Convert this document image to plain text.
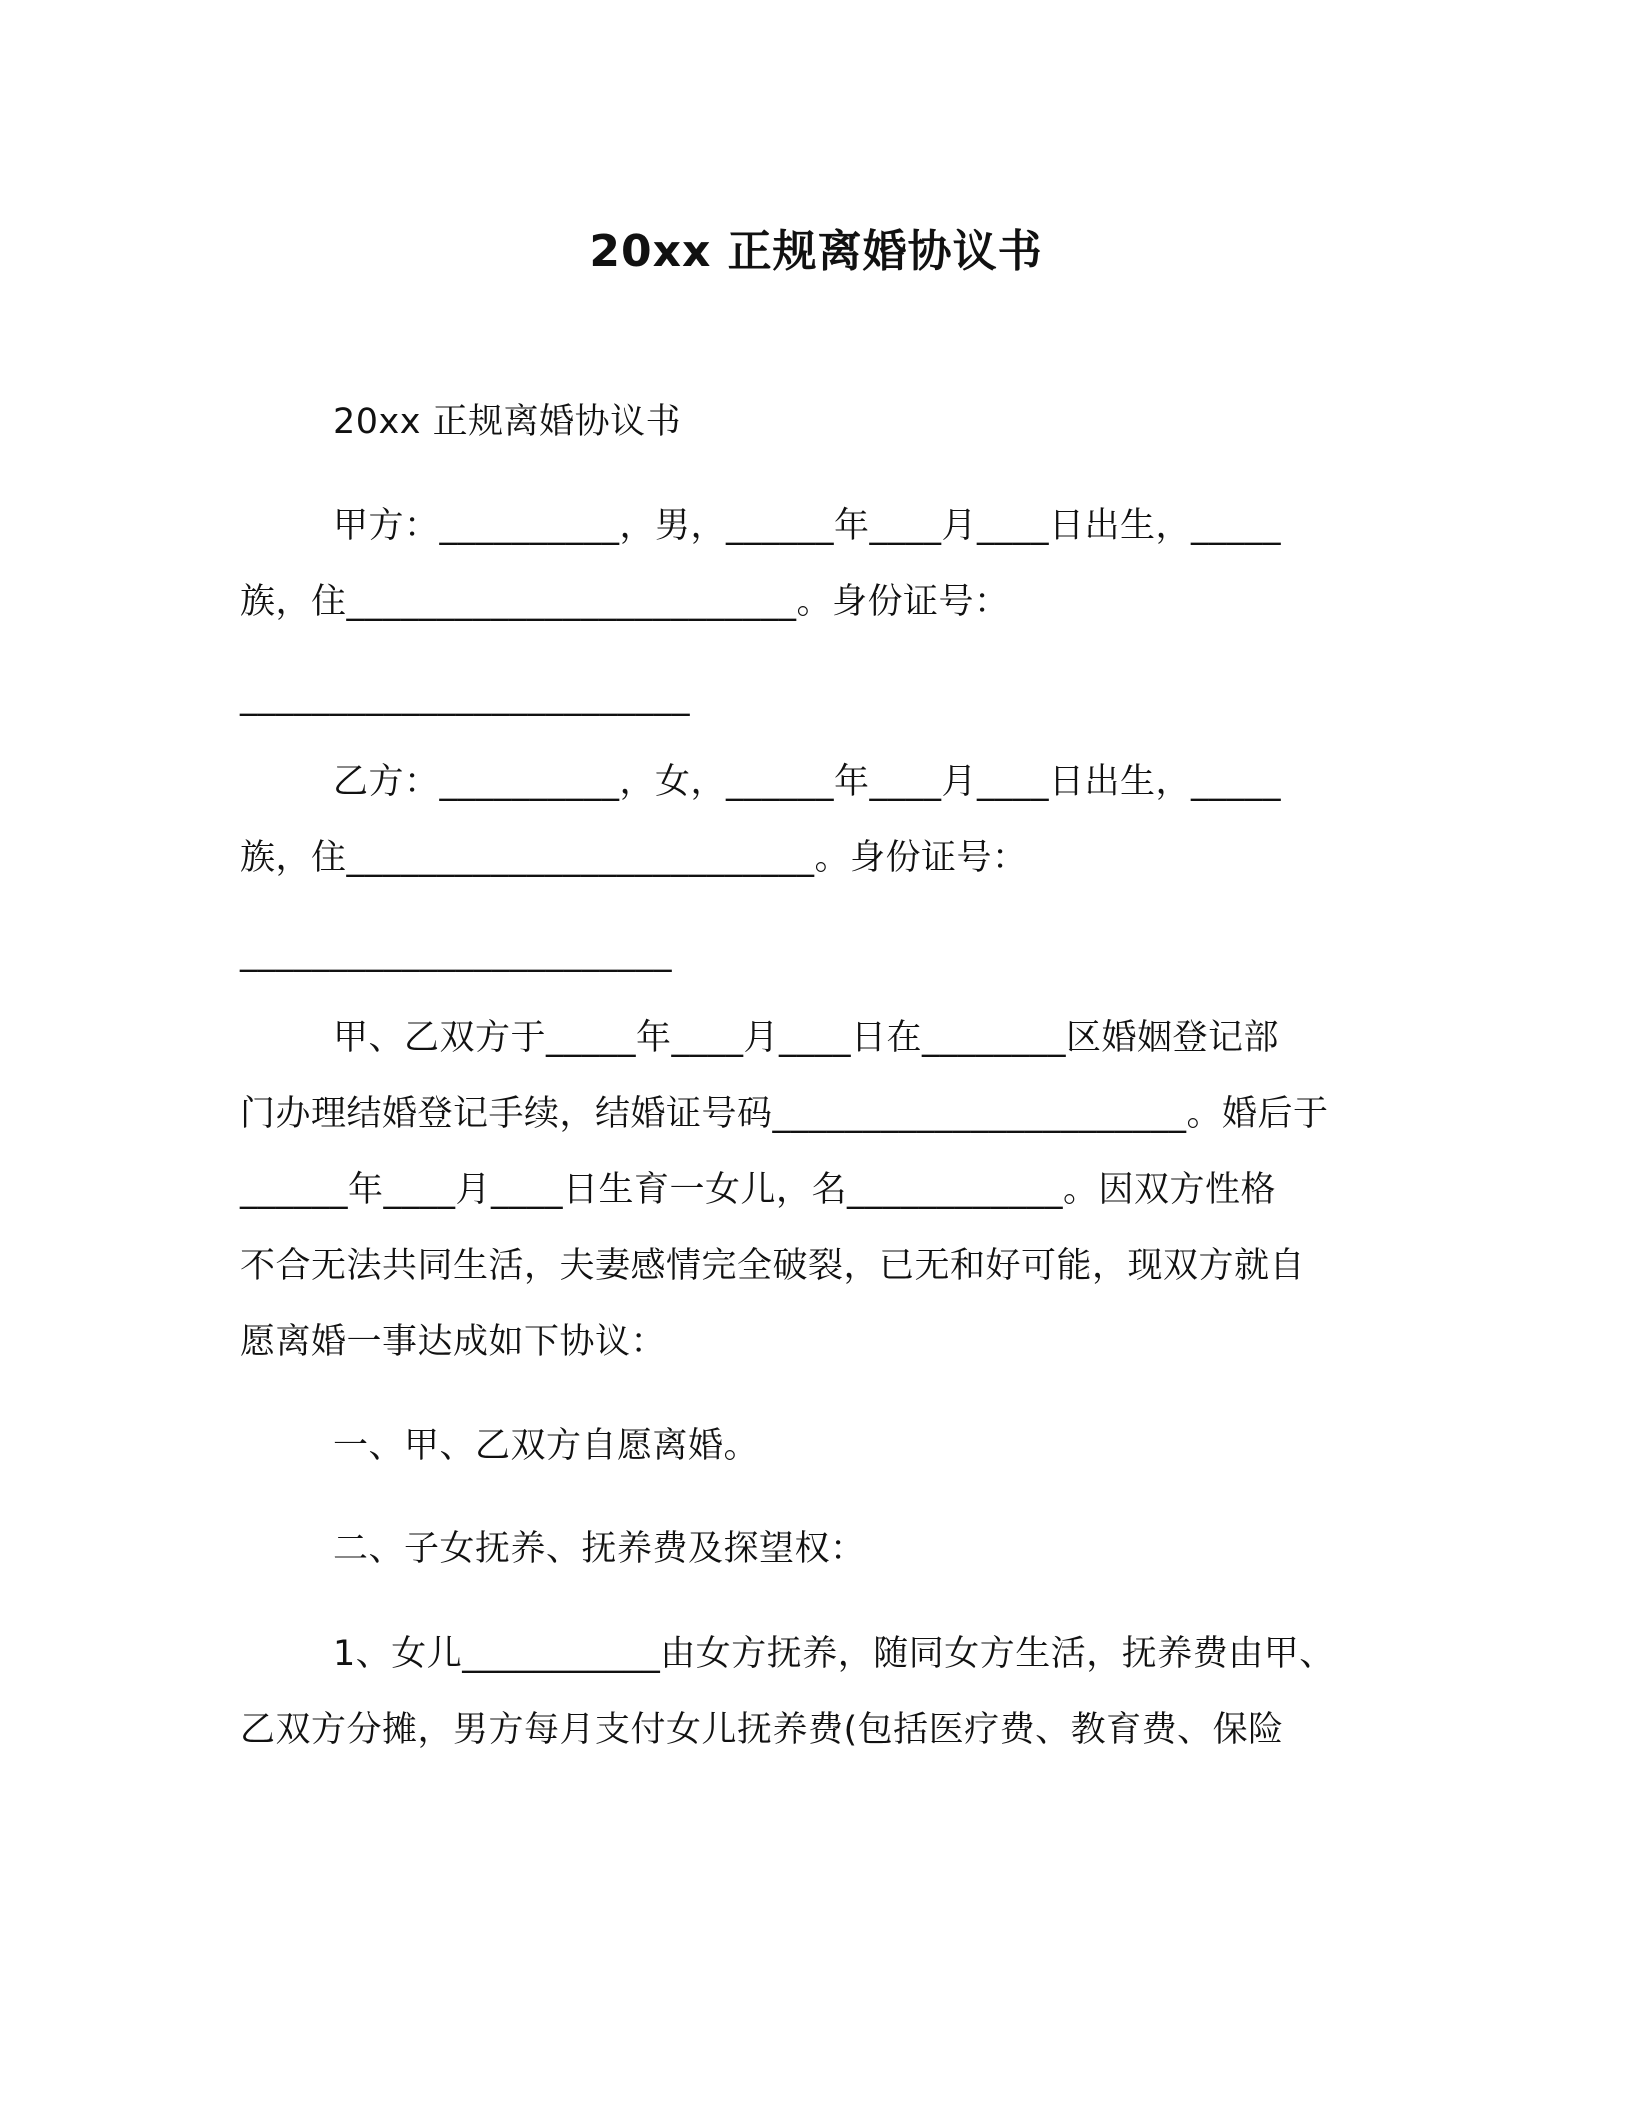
20xx 正规离婚协议书
20xx 正规离婚协议书
甲方：__________，男，______年____月____日出生，_____
族，住_________________________。身份证号：
_________________________
乙方：__________，女，______年____月____日出生，_____
族，住__________________________。身份证号：
________________________
甲、乙双方于_____年____月____日在________区婚姻登记部
门办理结婚登记手续，结婚证号码_______________________。婚后于
______年____月____日生育一女儿，名____________。因双方性格
不合无法共同生活，夫妻感情完全破裂，已无和好可能，现双方就自
愿离婚一事达成如下协议：
一、甲、乙双方自愿离婚。
二、子女抚养、抚养费及探望权：
1、女儿___________由女方抚养，随同女方生活，抚养费由甲、
乙双方分摊，男方每月支付女儿抚养费(包括医疗费、教育费、保险
